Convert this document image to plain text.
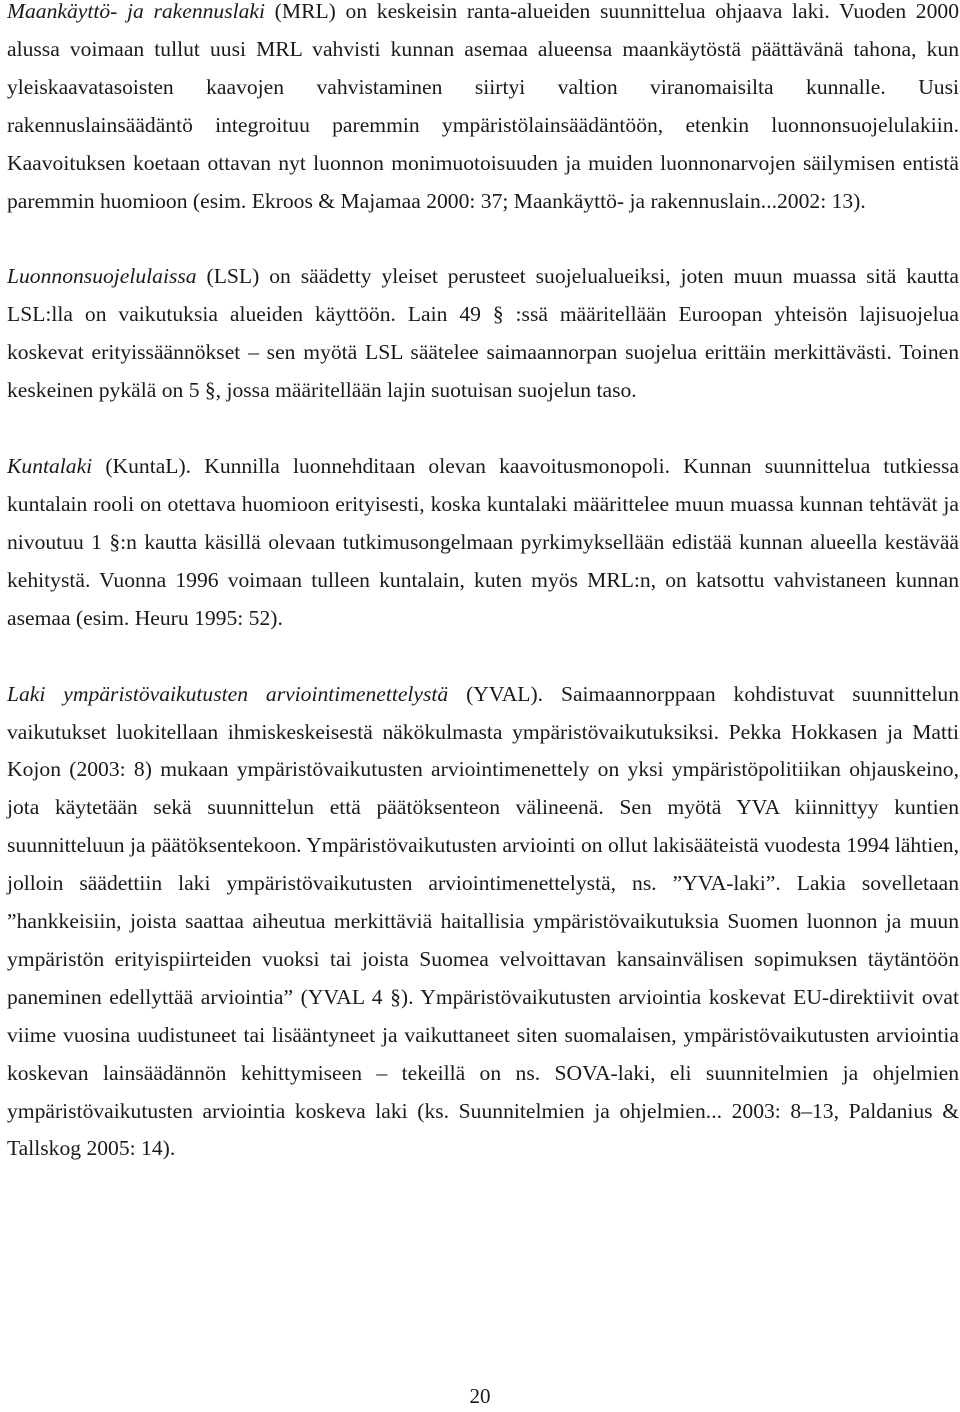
Maankäyttö- ja rakennuslaki (MRL) on keskeisin ranta-alueiden suunnittelua ohjaava laki. Vuoden 2000 alussa voimaan tullut uusi MRL vahvisti kunnan asemaa alueensa maankäytöstä päättävänä tahona, kun yleiskaavatasoisten kaavojen vahvistaminen siirtyi valtion viranomaisilta kunnalle. Uusi rakennuslainsäädäntö integroituu paremmin ympäristölainsäädäntöön, etenkin luonnonsuojelulakiin. Kaavoituksen koetaan ottavan nyt luonnon monimuotoisuuden ja muiden luonnonarvojen säilymisen entistä paremmin huomioon (esim. Ekroos & Majamaa 2000: 37; Maankäyttö- ja rakennuslain...2002: 13).

Luonnonsuojelulaissa (LSL) on säädetty yleiset perusteet suojelualueiksi, joten muun muassa sitä kautta LSL:lla on vaikutuksia alueiden käyttöön. Lain 49 § :ssä määritellään Euroopan yhteisön lajisuojelua koskevat erityissäännökset – sen myötä LSL säätelee saimaannorpan suojelua erittäin merkittävästi. Toinen keskeinen pykälä on 5 §, jossa määritellään lajin suotuisan suojelun taso.

Kuntalaki (KuntaL). Kunnilla luonnehditaan olevan kaavoitusmonopoli. Kunnan suunnittelua tutkiessa kuntalain rooli on otettava huomioon erityisesti, koska kuntalaki määrittelee muun muassa kunnan tehtävät ja nivoutuu 1 §:n kautta käsillä olevaan tutkimusongelmaan pyrkimyksellään edistää kunnan alueella kestävää kehitystä. Vuonna 1996 voimaan tulleen kuntalain, kuten myös MRL:n, on katsottu vahvistaneen kunnan asemaa (esim. Heuru 1995: 52).

Laki ympäristövaikutusten arviointimenettelystä (YVAL). Saimaannorppaan kohdistuvat suunnittelun vaikutukset luokitellaan ihmiskeskeisestä näkökulmasta ympäristövaikutuksiksi. Pekka Hokkasen ja Matti Kojon (2003: 8) mukaan ympäristövaikutusten arviointimenettely on yksi ympäristöpolitiikan ohjauskeino, jota käytetään sekä suunnittelun että päätöksenteon välineenä. Sen myötä YVA kiinnittyy kuntien suunnitteluun ja päätöksentekoon. Ympäristövaikutusten arviointi on ollut lakisääteistä vuodesta 1994 lähtien, jolloin säädettiin laki ympäristövaikutusten arviointimenettelystä, ns. ”YVA-laki”. Lakia sovelletaan ”hankkeisiin, joista saattaa aiheutua merkittäviä haitallisia ympäristövaikutuksia Suomen luonnon ja muun ympäristön erityispiirteiden vuoksi tai joista Suomea velvoittavan kansainvälisen sopimuksen täytäntöön paneminen edellyttää arviointia” (YVAL 4 §). Ympäristövaikutusten arviointia koskevat EU-direktiivit ovat viime vuosina uudistuneet tai lisääntyneet ja vaikuttaneet siten suomalaisen, ympäristövaikutusten arviointia koskevan lainsäädännön kehittymiseen – tekeillä on ns. SOVA-laki, eli suunnitelmien ja ohjelmien ympäristövaikutusten arviointia koskeva laki (ks. Suunnitelmien ja ohjelmien... 2003: 8–13, Paldanius & Tallskog 2005: 14).

20
